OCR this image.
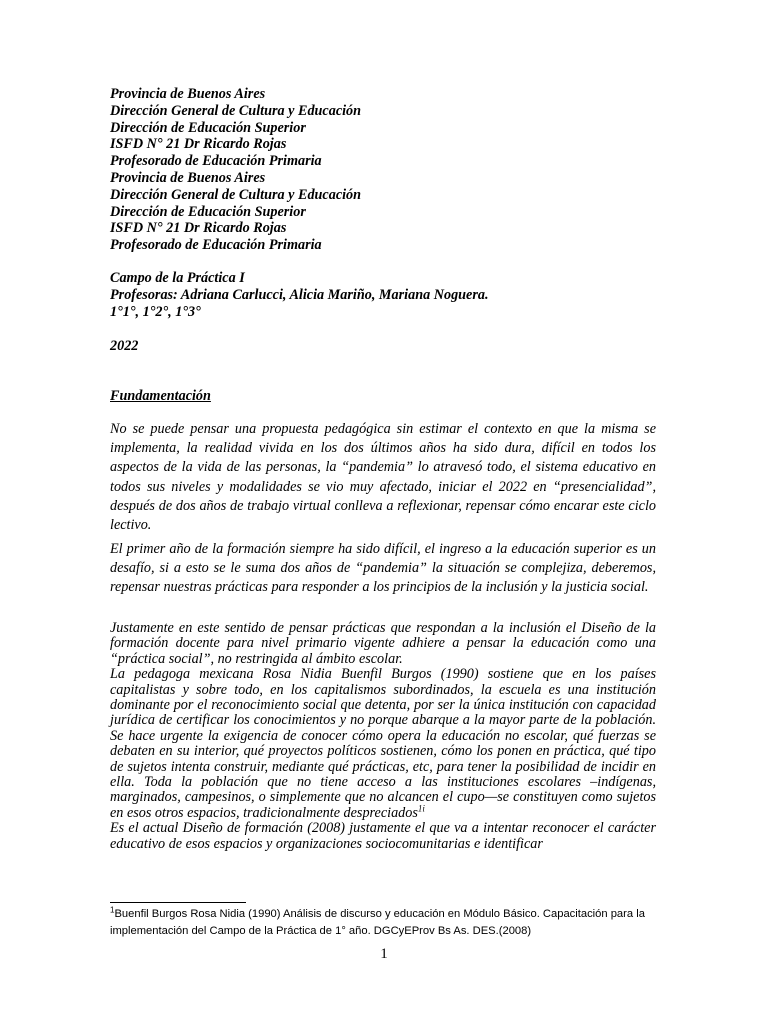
Provincia de Buenos Aires
Dirección General de Cultura y Educación
Dirección de Educación Superior
ISFD N° 21 Dr Ricardo Rojas
Profesorado de Educación Primaria
Provincia de Buenos Aires
Dirección General de Cultura y Educación
Dirección de Educación Superior
ISFD N° 21 Dr Ricardo Rojas
Profesorado de Educación Primaria
Campo de la Práctica I
Profesoras: Adriana Carlucci, Alicia Mariño, Mariana Noguera.
1°1°, 1°2°, 1°3°
2022
Fundamentación

No se puede pensar una propuesta pedagógica sin estimar el contexto en que la misma se implementa, la realidad vivida en los dos últimos años ha sido dura, difícil en todos los aspectos de la vida de las personas, la “pandemia” lo atravesó todo, el sistema educativo en todos sus niveles y modalidades se vio muy afectado, iniciar el 2022 en “presencialidad”, después de dos años de trabajo virtual conlleva a reflexionar, repensar cómo encarar este ciclo lectivo.

El primer año de la formación siempre ha sido difícil, el ingreso a la educación superior es un desafío, si a esto se le suma dos años de “pandemia” la situación se complejiza, deberemos, repensar nuestras prácticas para responder a los principios de la inclusión y la justicia social.

Justamente en este sentido de pensar prácticas que respondan a la inclusión el Diseño de la formación docente para nivel primario vigente adhiere a pensar la educación como una “práctica social”, no restringida al ámbito escolar.

La pedagoga mexicana Rosa Nidia Buenfil Burgos (1990) sostiene que en los países capitalistas y sobre todo, en los capitalismos subordinados, la escuela es una institución dominante por el reconocimiento social que detenta, por ser la única institución con capacidad jurídica de certificar los conocimientos y no porque abarque a la mayor parte de la población. Se hace urgente la exigencia de conocer cómo opera la educación no escolar, qué fuerzas se debaten en su interior, qué proyectos políticos sostienen, cómo los ponen en práctica, qué tipo de sujetos intenta construir, mediante qué prácticas, etc, para tener la posibilidad de incidir en ella. Toda la población que no tiene acceso a las instituciones escolares –indígenas, marginados, campesinos, o simplemente que no alcancen el cupo—se constituyen como sujetos en esos otros espacios, tradicionalmente despreciados$^{1i}$

Es el actual Diseño de formación (2008) justamente el que va a intentar reconocer el carácter educativo de esos espacios y organizaciones sociocomunitarias e identificar

$^1$Buenfil Burgos Rosa Nidia (1990) Análisis de discurso y educación en Módulo Básico. Capacitación para la implementación del Campo de la Práctica de 1° año. DGCyEProv Bs As. DES.(2008)
1
